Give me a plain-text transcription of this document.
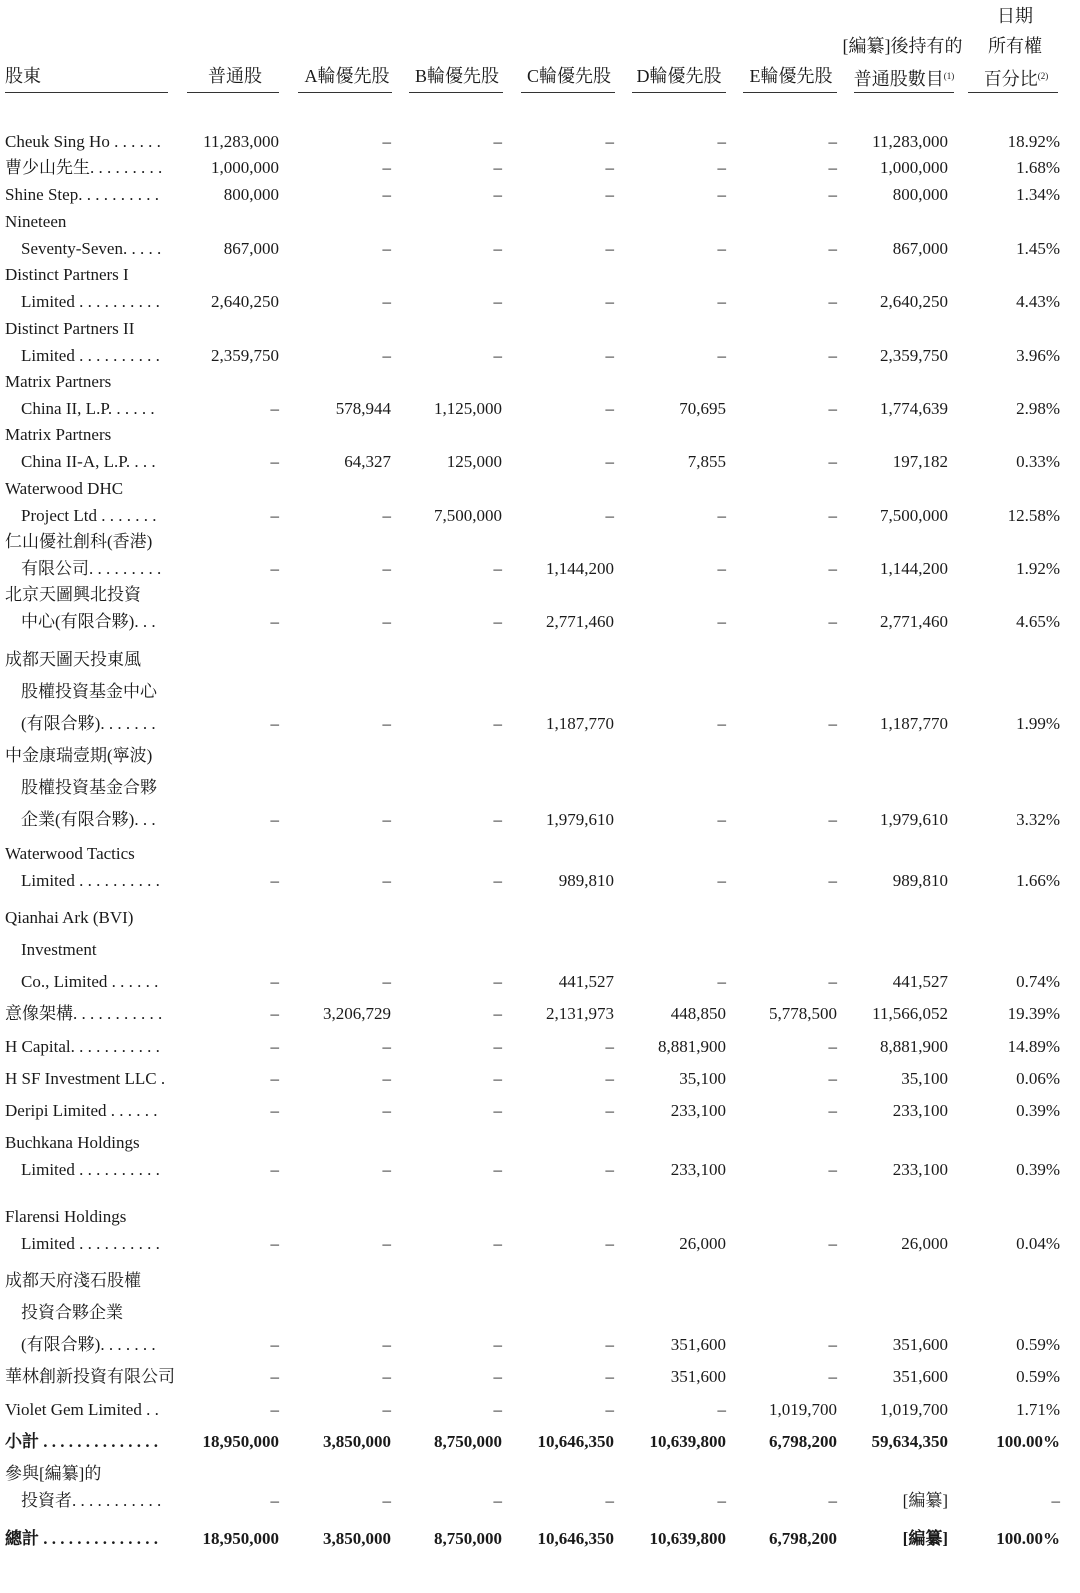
日期
所有權
[編纂]後持有的
股東	普通股	A輪優先股	B輪優先股	C輪優先股	D輪優先股	E輪優先股	普通股數目$^{(1)}$	百分比$^{(2)}$
Cheuk Sing Ho . . . . . .	11,283,000	–	–	–	–	–	11,283,000	18.92%
曹少山先生. . . . . . . . .	1,000,000	–	–	–	–	–	1,000,000	1.68%
Shine Step. . . . . . . . . .	800,000	–	–	–	–	–	800,000	1.34%
Nineteen
Seventy-Seven. . . . .	867,000	–	–	–	–	–	867,000	1.45%
Distinct Partners I
Limited . . . . . . . . . .	2,640,250	–	–	–	–	–	2,640,250	4.43%
Distinct Partners II
Limited . . . . . . . . . .	2,359,750	–	–	–	–	–	2,359,750	3.96%
Matrix Partners
China II, L.P. . . . . .	–	578,944	1,125,000	–	70,695	–	1,774,639	2.98%
Matrix Partners
China II-A, L.P. . . .	–	64,327	125,000	–	7,855	–	197,182	0.33%
Waterwood DHC
Project Ltd . . . . . . .	–	–	7,500,000	–	–	–	7,500,000	12.58%
仁山優社創科(香港)
有限公司. . . . . . . . .	–	–	–	1,144,200	–	–	1,144,200	1.92%
北京天圖興北投資
中心(有限合夥). . .	–	–	–	2,771,460	–	–	2,771,460	4.65%
成都天圖天投東風
股權投資基金中心
(有限合夥). . . . . . .	–	–	–	1,187,770	–	–	1,187,770	1.99%
中金康瑞壹期(寧波)
股權投資基金合夥
企業(有限合夥). . .	–	–	–	1,979,610	–	–	1,979,610	3.32%
Waterwood Tactics
Limited . . . . . . . . . .	–	–	–	989,810	–	–	989,810	1.66%
Qianhai Ark (BVI)
Investment
Co., Limited . . . . . .	–	–	–	441,527	–	–	441,527	0.74%
意像架構. . . . . . . . . . .	–	3,206,729	–	2,131,973	448,850	5,778,500	11,566,052	19.39%
H Capital. . . . . . . . . . .	–	–	–	–	8,881,900	–	8,881,900	14.89%
H SF Investment LLC .	–	–	–	–	35,100	–	35,100	0.06%
Deripi Limited . . . . . .	–	–	–	–	233,100	–	233,100	0.39%
Buchkana Holdings
Limited . . . . . . . . . .	–	–	–	–	233,100	–	233,100	0.39%
Flarensi Holdings
Limited . . . . . . . . . .	–	–	–	–	26,000	–	26,000	0.04%
成都天府淺石股權
投資合夥企業
(有限合夥). . . . . . .	–	–	–	–	351,600	–	351,600	0.59%
華林創新投資有限公司	–	–	–	–	351,600	–	351,600	0.59%
Violet Gem Limited . .	–	–	–	–	–	1,019,700	1,019,700	1.71%
小計 . . . . . . . . . . . . . .	18,950,000	3,850,000	8,750,000	10,646,350	10,639,800	6,798,200	59,634,350	100.00%
參與[編纂]的
投資者. . . . . . . . . . .	–	–	–	–	–	–	[編纂]	–
總計 . . . . . . . . . . . . . .	18,950,000	3,850,000	8,750,000	10,646,350	10,639,800	6,798,200	[編纂]	100.00%
